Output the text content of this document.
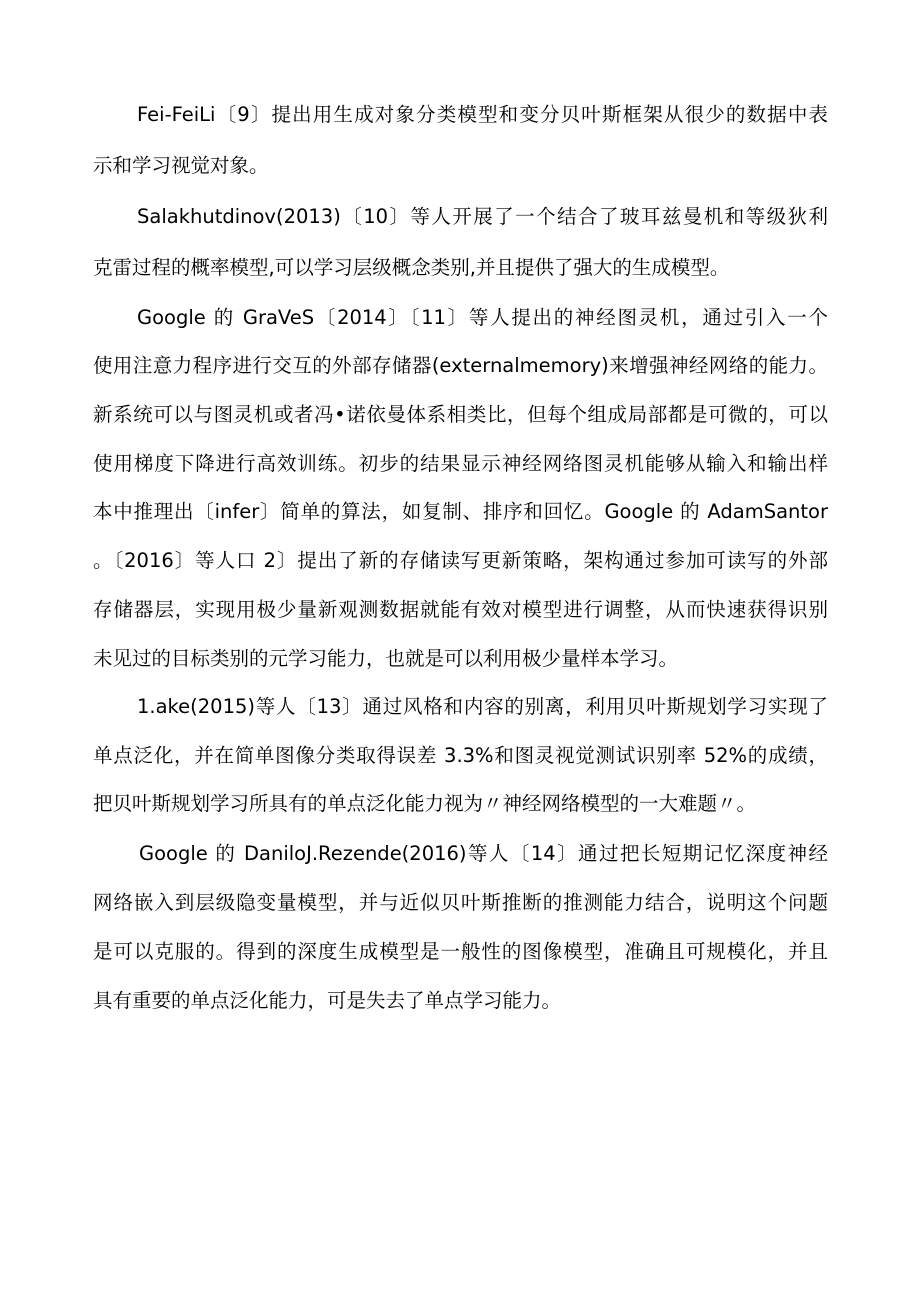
Fei-FeiLi〔9〕提出用生成对象分类模型和变分贝叶斯框架从很少的数据中表
示和学习视觉对象。
Salakhutdinov(2013)〔10〕等人开展了一个结合了玻耳兹曼机和等级狄利
克雷过程的概率模型,可以学习层级概念类别,并且提供了强大的生成模型。
Google 的 GraVeS〔2014〕〔11〕等人提出的神经图灵机，通过引入一个
使用注意力程序进行交互的外部存储器(externalmemory)来增强神经网络的能力。
新系统可以与图灵机或者冯•诺依曼体系相类比，但每个组成局部都是可微的，可以
使用梯度下降进行高效训练。初步的结果显示神经网络图灵机能够从输入和输出样
本中推理出〔infer〕简单的算法，如复制、排序和回忆。Google 的 AdamSantor
。〔2016〕等人口 2〕提出了新的存储读写更新策略，架构通过参加可读写的外部
存储器层，实现用极少量新观测数据就能有效对模型进行调整，从而快速获得识别
未见过的目标类别的元学习能力，也就是可以利用极少量样本学习。
1.ake(2015)等人〔13〕通过风格和内容的别离，利用贝叶斯规划学习实现了
单点泛化，并在简单图像分类取得误差 3.3%和图灵视觉测试识别率 52%的成绩，
把贝叶斯规划学习所具有的单点泛化能力视为〃神经网络模型的一大难题〃。
Google 的 DaniloJ.Rezende(2016)等人〔14〕通过把长短期记忆深度神经
网络嵌入到层级隐变量模型，并与近似贝叶斯推断的推测能力结合，说明这个问题
是可以克服的。得到的深度生成模型是一般性的图像模型，准确且可规模化，并且
具有重要的单点泛化能力，可是失去了单点学习能力。
